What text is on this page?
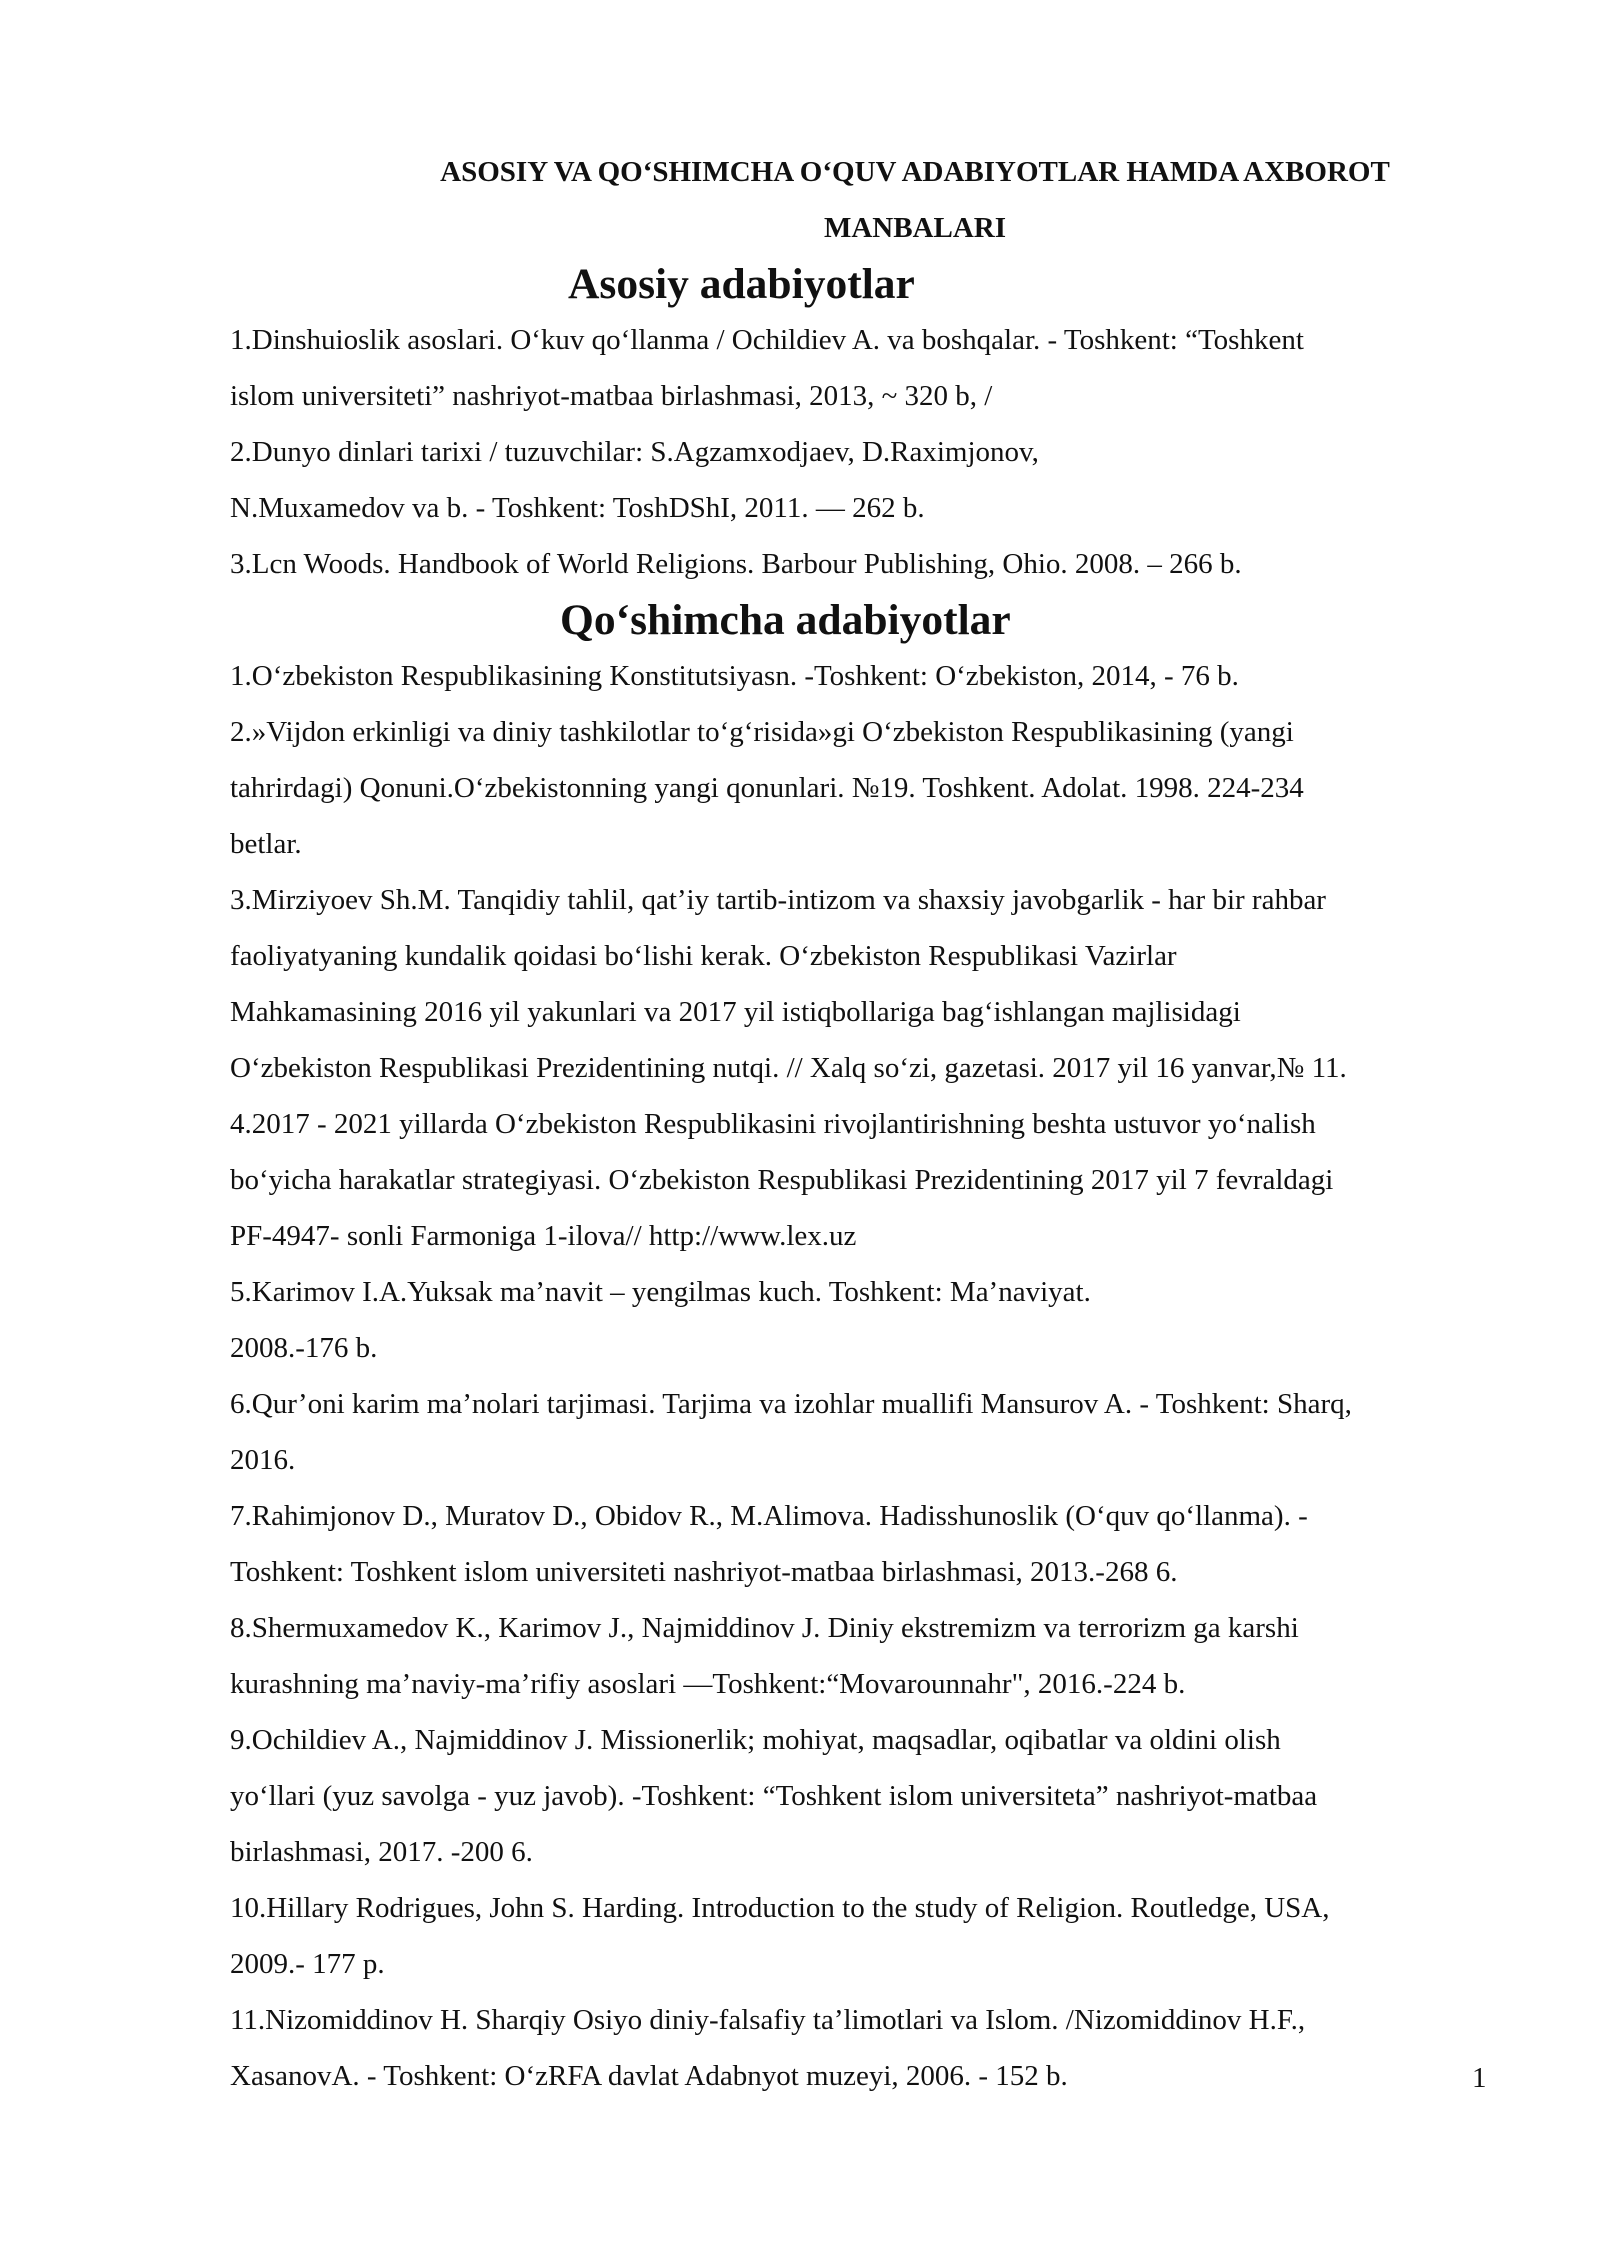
ASOSIY VA QO‘SHIMCHA O‘QUV ADABIYOTLAR HAMDA AXBOROT
MANBALARI
Asosiy adabiyotlar
1.Dinshuioslik asoslari. O‘kuv qo‘llanma / Ochildiev A. va boshqalar. - Toshkent: “Toshkent
islom universiteti” nashriyot-matbaa birlashmasi, 2013, ~ 320 b, /
2.Dunyo dinlari tarixi / tuzuvchilar: S.Agzamxodjaev, D.Raximjonov,
N.Muxamedov va b. - Toshkent: ToshDShI, 2011. — 262 b.
3.Lcn Woods. Handbook of World Religions. Barbour Publishing, Ohio. 2008. – 266 b.
Qo‘shimcha adabiyotlar
1.O‘zbekiston Respublikasining Konstitutsiyasn. -Toshkent: O‘zbekiston, 2014, - 76 b.
2.»Vijdon erkinligi va diniy tashkilotlar to‘g‘risida»gi O‘zbekiston Respublikasining (yangi
tahrirdagi) Qonuni.O‘zbekistonning yangi qonunlari. №19. Toshkent. Adolat. 1998. 224-234
betlar.
3.Mirziyoev Sh.M. Tanqidiy tahlil, qat’iy tartib-intizom va shaxsiy javobgarlik - har bir rahbar
faoliyatyaning kundalik qoidasi bo‘lishi kerak. O‘zbekiston Respublikasi Vazirlar
Mahkamasining 2016 yil yakunlari va 2017 yil istiqbollariga bag‘ishlangan majlisidagi
O‘zbekiston Respublikasi Prezidentining nutqi. // Xalq so‘zi, gazetasi. 2017 yil 16 yanvar,№ 11.
4.2017 - 2021 yillarda O‘zbekiston Respublikasini rivojlantirishning beshta ustuvor yo‘nalish
bo‘yicha harakatlar strategiyasi. O‘zbekiston Respublikasi Prezidentining 2017 yil 7 fevraldagi
PF-4947- sonli Farmoniga 1-ilova// http://www.lex.uz
5.Karimov I.A.Yuksak ma’navit – yengilmas kuch. Toshkent: Ma’naviyat.
2008.-176 b.
6.Qur’oni karim ma’nolari tarjimasi. Tarjima va izohlar muallifi Mansurov A. - Toshkent: Sharq,
2016.
7.Rahimjonov D., Muratov D., Obidov R., M.Alimova. Hadisshunoslik (O‘quv qo‘llanma). -
Toshkent: Toshkent islom universiteti nashriyot-matbaa birlashmasi, 2013.-268 6.
8.Shermuxamedov K., Karimov J., Najmiddinov J. Diniy ekstremizm va terrorizm ga karshi
kurashning ma’naviy-ma’rifiy asoslari —Toshkent:“Movarounnahr", 2016.-224 b.
9.Ochildiev A., Najmiddinov J. Missionerlik; mohiyat, maqsadlar, oqibatlar va oldini olish
yo‘llari (yuz savolga - yuz javob). -Toshkent: “Toshkent islom universiteta” nashriyot-matbaa
birlashmasi, 2017. -200 6.
10.Hillary Rodrigues, John S. Harding. Introduction to the study of Religion. Routledge, USA,
2009.- 177 p.
11.Nizomiddinov H. Sharqiy Osiyo diniy-falsafiy ta’limotlari va Islom. /Nizomiddinov H.F.,
XasanovA. - Toshkent: O‘zRFA davlat Adabnyot muzeyi, 2006. - 152 b.	1
